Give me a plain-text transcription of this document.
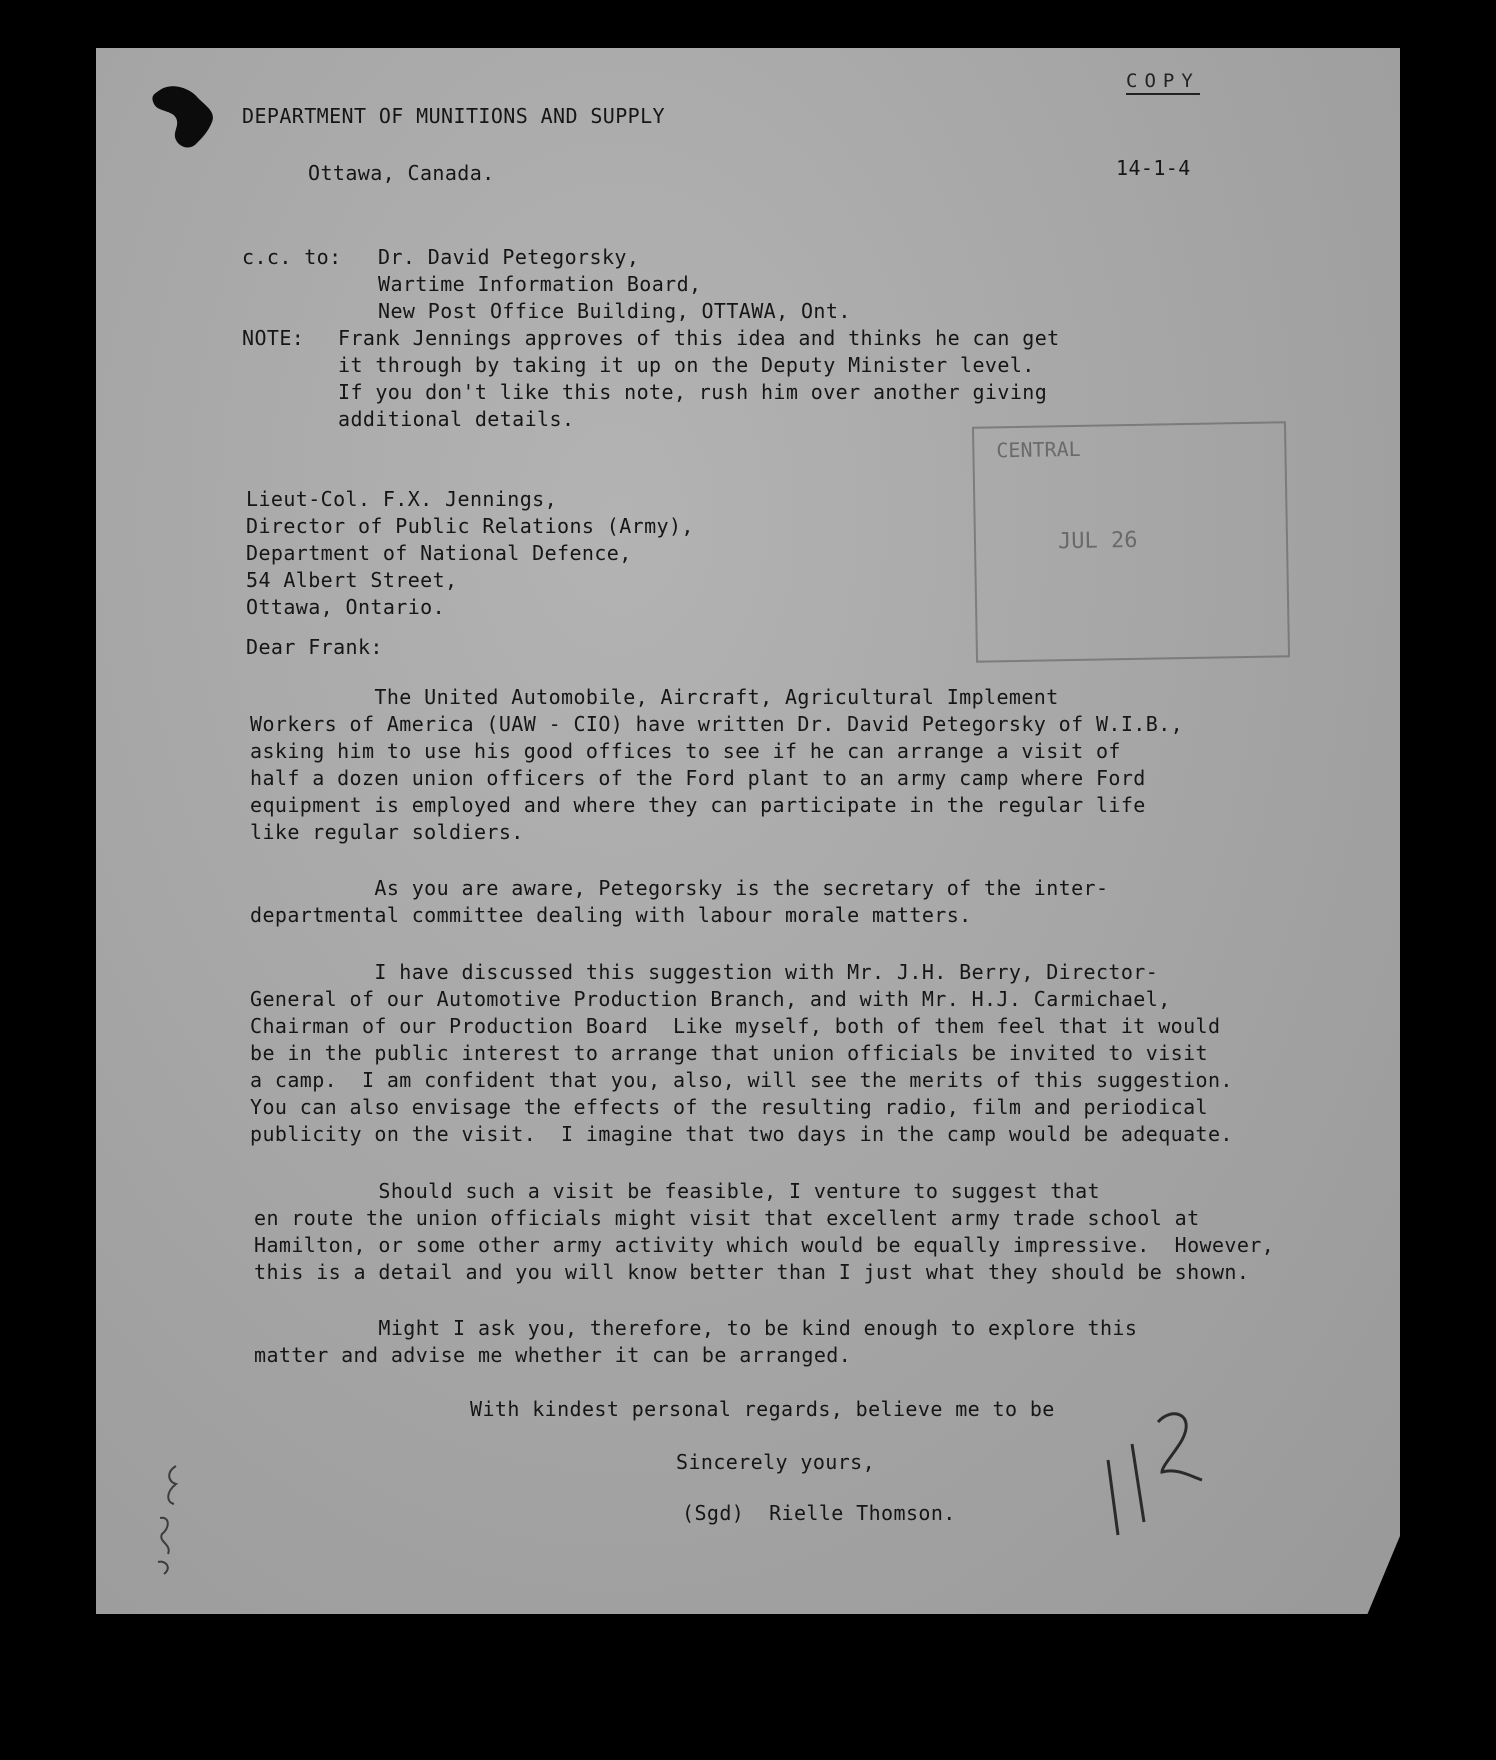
COPY
DEPARTMENT OF MUNITIONS AND SUPPLY
Ottawa, Canada.	14-1-4
c.c. to: Dr. David Petegorsky,
Wartime Information Board,
New Post Office Building, OTTAWA, Ont.
NOTE: Frank Jennings approves of this idea and thinks he can get
it through by taking it up on the Deputy Minister level.
If you don't like this note, rush him over another giving
additional details.
Lieut-Col. F.X. Jennings,
Director of Public Relations (Army),
Department of National Defence,
54 Albert Street,
Ottawa, Ontario.
CENTRAL
JUL 26
Dear Frank:
The United Automobile, Aircraft, Agricultural Implement
Workers of America (UAW - CIO) have written Dr. David Petegorsky of W.I.B.,
asking him to use his good offices to see if he can arrange a visit of
half a dozen union officers of the Ford plant to an army camp where Ford
equipment is employed and where they can participate in the regular life
like regular soldiers.
As you are aware, Petegorsky is the secretary of the inter-
departmental committee dealing with labour morale matters.
I have discussed this suggestion with Mr. J.H. Berry, Director-
General of our Automotive Production Branch, and with Mr. H.J. Carmichael,
Chairman of our Production Board  Like myself, both of them feel that it would
be in the public interest to arrange that union officials be invited to visit
a camp.  I am confident that you, also, will see the merits of this suggestion.
You can also envisage the effects of the resulting radio, film and periodical
publicity on the visit.  I imagine that two days in the camp would be adequate.
Should such a visit be feasible, I venture to suggest that
en route the union officials might visit that excellent army trade school at
Hamilton, or some other army activity which would be equally impressive.  However,
this is a detail and you will know better than I just what they should be shown.
Might I ask you, therefore, to be kind enough to explore this
matter and advise me whether it can be arranged.
With kindest personal regards, believe me to be
Sincerely yours,
(Sgd)  Rielle Thomson.
